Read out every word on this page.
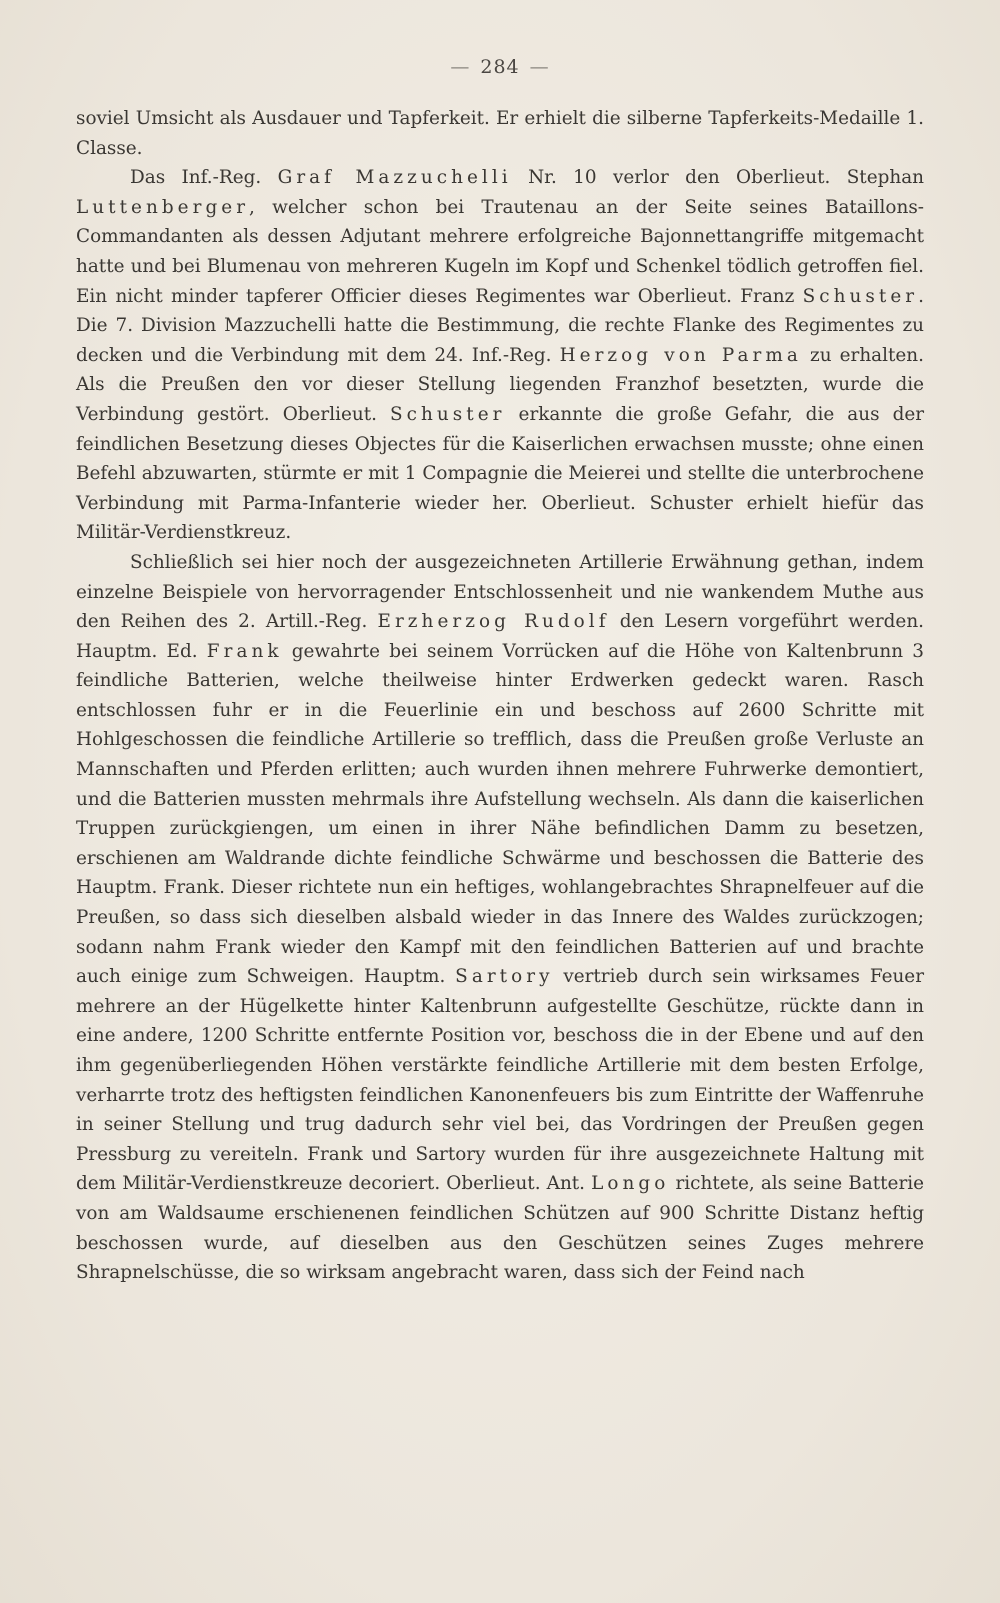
— 284 —

soviel Umsicht als Ausdauer und Tapferkeit. Er erhielt die silberne Tapferkeits-Medaille 1. Classe.

Das Inf.-Reg. Graf Mazzuchelli Nr. 10 verlor den Oberlieut. Stephan Luttenberger, welcher schon bei Trautenau an der Seite seines Bataillons-Commandanten als dessen Adjutant mehrere erfolgreiche Bajonnettangriffe mitgemacht hatte und bei Blumenau von mehreren Kugeln im Kopf und Schenkel tödlich getroffen fiel. Ein nicht minder tapferer Officier dieses Regimentes war Oberlieut. Franz Schuster. Die 7. Division Mazzuchelli hatte die Bestimmung, die rechte Flanke des Regimentes zu decken und die Verbindung mit dem 24. Inf.-Reg. Herzog von Parma zu erhalten. Als die Preußen den vor dieser Stellung liegenden Franzhof besetzten, wurde die Verbindung gestört. Oberlieut. Schuster erkannte die große Gefahr, die aus der feindlichen Besetzung dieses Objectes für die Kaiserlichen erwachsen musste; ohne einen Befehl abzuwarten, stürmte er mit 1 Compagnie die Meierei und stellte die unterbrochene Verbindung mit Parma-Infanterie wieder her. Oberlieut. Schuster erhielt hiefür das Militär-Verdienstkreuz.

Schließlich sei hier noch der ausgezeichneten Artillerie Erwähnung gethan, indem einzelne Beispiele von hervorragender Entschlossenheit und nie wankendem Muthe aus den Reihen des 2. Artill.-Reg. Erzherzog Rudolf den Lesern vorgeführt werden. Hauptm. Ed. Frank gewahrte bei seinem Vorrücken auf die Höhe von Kaltenbrunn 3 feindliche Batterien, welche theilweise hinter Erdwerken gedeckt waren. Rasch entschlossen fuhr er in die Feuerlinie ein und beschoss auf 2600 Schritte mit Hohlgeschossen die feindliche Artillerie so trefflich, dass die Preußen große Verluste an Mannschaften und Pferden erlitten; auch wurden ihnen mehrere Fuhrwerke demontiert, und die Batterien mussten mehrmals ihre Aufstellung wechseln. Als dann die kaiserlichen Truppen zurückgiengen, um einen in ihrer Nähe befindlichen Damm zu besetzen, erschienen am Waldrande dichte feindliche Schwärme und beschossen die Batterie des Hauptm. Frank. Dieser richtete nun ein heftiges, wohlangebrachtes Shrapnelfeuer auf die Preußen, so dass sich dieselben alsbald wieder in das Innere des Waldes zurückzogen; sodann nahm Frank wieder den Kampf mit den feindlichen Batterien auf und brachte auch einige zum Schweigen. Hauptm. Sartory vertrieb durch sein wirksames Feuer mehrere an der Hügelkette hinter Kaltenbrunn aufgestellte Geschütze, rückte dann in eine andere, 1200 Schritte entfernte Position vor, beschoss die in der Ebene und auf den ihm gegenüberliegenden Höhen verstärkte feindliche Artillerie mit dem besten Erfolge, verharrte trotz des heftigsten feindlichen Kanonenfeuers bis zum Eintritte der Waffenruhe in seiner Stellung und trug dadurch sehr viel bei, das Vordringen der Preußen gegen Pressburg zu vereiteln. Frank und Sartory wurden für ihre ausgezeichnete Haltung mit dem Militär-Verdienstkreuze decoriert. Oberlieut. Ant. Longo richtete, als seine Batterie von am Waldsaume erschienenen feindlichen Schützen auf 900 Schritte Distanz heftig beschossen wurde, auf dieselben aus den Geschützen seines Zuges mehrere Shrapnelschüsse, die so wirksam angebracht waren, dass sich der Feind nach
